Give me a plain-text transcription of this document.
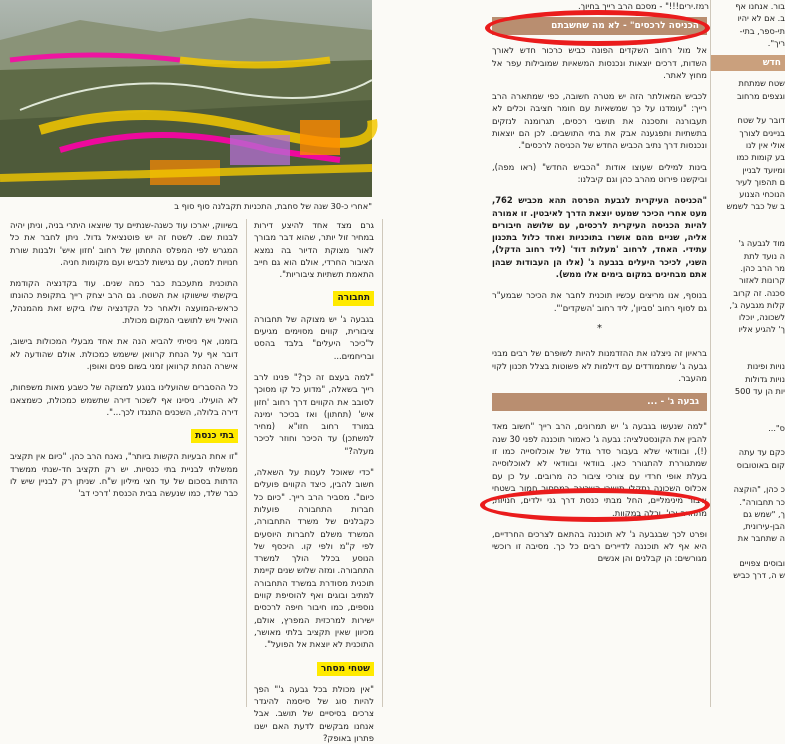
"אחרי כ-30 שנה של סחבת, התכניות תקבלנה סוף סוף ב
רמז.ירים!!!" - מסכם הרב רייך בחיוך.
הכניסה לרכסים" - לא מה שחשבתם

אל מול רחוב השקדים הפונה כביש כרכור חדש לאורך השדות, דרכים יוצאות ונכנסות המשאיות שמובילות עפר אל מחוץ לאתר.

לכביש המאולתר הזה יש מטרה חשובה, כפי שמתארה הרב רייך: "עומדנו על כך שמשאיות עם חומר חציבה וכלים לא תעבורנה ותסכנה את תושבי רכסים, תגרומנה לנזקים בתשתיות ותפגענה אבק את בתי התושבים. לכן הם יוצאות ונכנסות דרך נתיב הכביש החדש של הכניסה לרכסים".

בינות למילים שעוצו אודות "הכביש החדש" (ראו מפה), וביקשנו פירוט מהרב כהן וגם קיבלנו:

"הכניסה העיקרית לגבעת הפרסה תהא מכביש 762, מעט אחרי הכיכר שמעט יוצאת הדרך לאיבטין. זו אמורה להיות הכניסה העיקרית לרכסים, עם שלושה חיבורים אליה, שניים מהם אושרו בתוכניות ואחד כלול בתכנון עתידי. האחד, לרחוב 'מעלות דוד' (ליד רחוב הדקל), השני, לכיכר היעלים בגבעה ג' (אלו הן העבודות שבהן אתם מבחינים במקום בימים אלו ממש).

בנוסף, אנו מריצים עכשיו תוכנית לחבר את הכיכר שבמע"ר גם לסוף רחוב 'סביון', ליד רחוב 'השקדים'".

*

בראיון זה ניצלנו את ההזדמנות להיות לשופרם של רבים מבני גבעה ג' שמתמודדים עם דילמות לא פשוטות בצלל תכנון לקוי מהעבר.

גבעה ג' - ...

"למה שנעשו בגבעה ג' יש תמרונים, הרב רייך "חשוב מאד להבין את הקונסטלציה: גבעה ג' כאמור תוכננה לפני 30 שנה (!), ובוודאי שלא בעבור סדר גודל של אוכלוסייה כמו זו שמתגוררת להתגורר כאן. בוודאי ובוודאי לא לאוכלוסייה בעלת אופי חרדי עם צורכי ציבור כה מרובים. על כן עם אכלוס השכונה נתקלו תושבי השכונה במחסור חמור בשטחי ציבור מינימליים, החל מבתי כנסת דרך גני ילדים, חנויות, מתחרה וכו', וכלה במקוות.

ופרט לכך שבגבעה ג' לא תוכננה בהתאם לצרכים החרדיים, היא אף לא תוכננה לדיירים רבים כל כך. מסיבה זו רוכשי מגורשים: הן קבלנים והן אנשים

גרם מצד אחד להיצע דירות במחיר זול יותר, שהוא דבר מבורך לאור מצוקת הדיור בה נמצא הציבור החרדי, אולם הוא גם חייב התאמת תשתיות ציבוריות".

תחבורה

בגבעה ג' יש מצוקה של תחבורה ציבורית, קווים מסוימים מגיעים ל"כיכר היעלים" בלבד בהסט ובריחמים...

"למה בעצם זה כך?" פנינו לרב רייך בשאלה, "מדוע כל קו מסוכך לסובב את הקווים דרך רחוב 'חזון איש' (תחתון) ואז בכיכר ימינה במורד רחוב חזו"א (מחיר למשתכן) עד הכיכר וחוזר לכיכר מעלה?"

"כדי שאוכל לענות על השאלה, חשוב להבין, כיצד הקווים פועלים כיום". מסביר הרב רייך. "כיום כל חברות התחבורה פועלות כקבלנים של משרד התחבורה, המשרד משלם לחברות היוסעים לפי ק"מ ולפי קו. היכסף של הנוסע בכלל הולך למשרד התחבורה. ומזה שלוש שנים קיימת תוכנית מסודרת במשרד התחבורה למתיב ובוגים ואף להוסיפת קווים נוספים, כמו חיבור חיפה לרכסים ישירות למרכזית המפרץ, אולם, מכיוון שאין תקציב בלתי מאושר, התוכנית לא יוצאת אל הפועל".

שטחי מסחר

"אין מכולת בכל גבעה ג'" הפך להיות סוג של סיסמה להיגדר צרכים בסיסיים של תושב. אבל אנחנו מבקשים לדעת האם ישנו פתרון באופק?

בשיווק, יארכו עוד כשנה-שנתיים עד שיוצאו היתרי בניה, וניתן יהיה לבנות שם. לשטח זה יש פוטנציאל גדול. ניתן לחבר את כל המגרש לפי המפלס התחתון של רחוב 'חזון איש' ולבנות שורת חנויות למטה, עם נגישות לכביש ועם מקומות חניה.

התוכנית מתעכבת כבר כמה שנים. עוד בקדנציה הקודמת ביקשתי שישווקו את השטח. גם הרב יצחק רייך בתקופת כהונתו כראש-המועצה ולאחר כל הקדנציה שלו ביקש זאת מהמנהל, הואיל ויש לתושבי המקום מכולת.

בזמנו, אף ניסיתי להביא הנה את אחד מבעלי המכולות בישוב, דובר אף על הנחת קרוואן שישמש כמכולת. אולם שהודעה לא אישרה הנחת קרוואן זמני בשום פנים ואופן.

כל ההסברים שהועלינו בנוגע למצוקה של כשבע מאות משפחות, לא הועילו. ניסינו אף לשכור דירה שתשמש כמכולת, כשמצאנו דירה בלולה, השכנים התנגדו לכך...".

בתי כנסת

"זו אחת הבעיות הקשות ביותר", נאנח הרב כהן. "כיום אין תקציב ממשלתי לבניית בתי כנסיות. יש רק תקציב חד-שנתי ממשרד הדתות בסכום של עד חצי מיליון ש"ח. שניתן רק לבניין שיש לו כבר שלד, כמו שנעשה בבית הכנסת 'דרכי דב'

בור. אנחנו אף
ב. אם לא יהיו
תי-ספר, בתי-
ריך".
חדש
שטח שמתחת
וגצפים מרחוב
דובר על שטח
בניינים לצורך
אולי אין לנו
בע קומות כמו
ומיועד לבניין
ם תהפוך לעיר
הנוכחי הצנוע
ב של כבר לשמש
מוד לגבעה ג'
ה נועד לתת
מר הרב כהן.
קרונות לאזור
סכנה. זה קרוב
קלות מגבעה ג',
לשכונה, יוכלו
ך' להגיע אליו
נויות ופינות
נויות גדולות
יות הן עד 500
ס"...
כקם עד עתה
קום באוטובוס
כ כהן, "הוקצה
כר תחבורה".
ך, "שמש גם
הבן-עירונית,
ה שתחבר את
ובוסים צפויים
ש ה, דרך כביש
